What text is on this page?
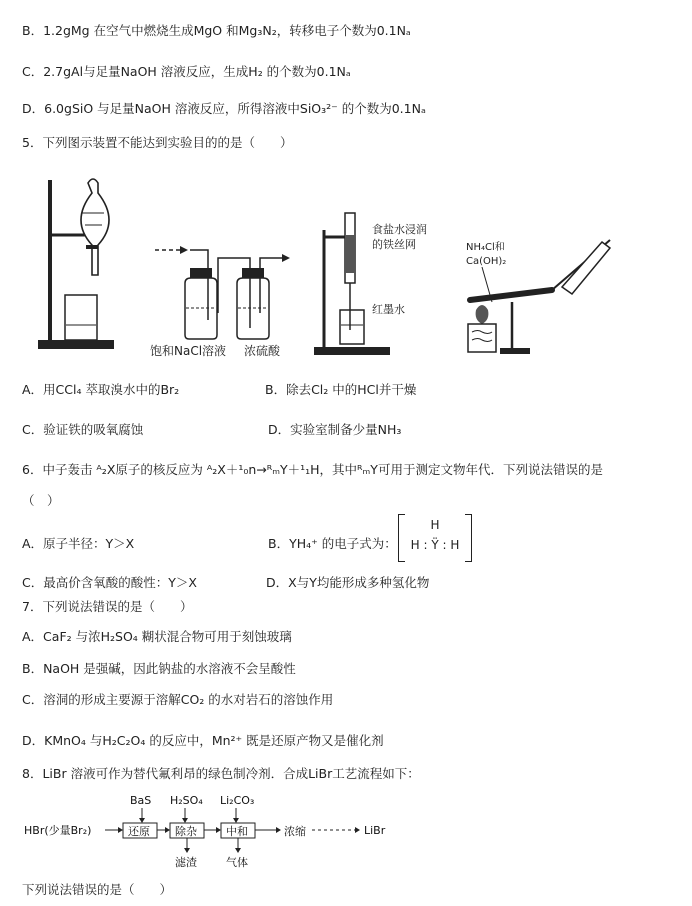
B．1.2gMg 在空气中燃烧生成MgO 和Mg₃N₂，转移电子个数为0.1Nₐ
C．2.7gAl与足量NaOH 溶液反应，生成H₂ 的个数为0.1Nₐ
D．6.0gSiO 与足量NaOH 溶液反应，所得溶液中SiO₃²⁻ 的个数为0.1Nₐ
5．下列图示装置不能达到实验目的的是（　　）
饱和NaCl溶液 浓硫酸
食盐水浸润
的铁丝网
红墨水
NH₄Cl和
Ca(OH)₂
A．用CCl₄ 萃取溴水中的Br₂	B．除去Cl₂ 中的HCl并干燥
C．验证铁的吸氧腐蚀	D．实验室制备少量NH₃
6．中子轰击 ᴬ₂X原子的核反应为 ᴬ₂X＋¹₀n→ᴿₘY＋¹₁H，其中ᴿₘY可用于测定文物年代．下列说法错误的是
（　）
A．原子半径：Y＞X	B．YH₄⁺ 的电子式为：
H
H : Ÿ : H
C．最高价含氧酸的酸性：Y＞X	D．X与Y均能形成多种氢化物
7．下列说法错误的是（　　）
A．CaF₂ 与浓H₂SO₄ 糊状混合物可用于刻蚀玻璃
B．NaOH 是强碱，因此钠盐的水溶液不会呈酸性
C．溶洞的形成主要源于溶解CO₂ 的水对岩石的溶蚀作用
D．KMnO₄ 与H₂C₂O₄ 的反应中，Mn²⁺ 既是还原产物又是催化剂
8．LiBr 溶液可作为替代氟利昂的绿色制冷剂．合成LiBr工艺流程如下：
HBr(少量Br₂)
BaS H₂SO₄ Li₂CO₃
还原 除杂	中和	浓缩	LiBr
滤渣	气体
下列说法错误的是（　　）
